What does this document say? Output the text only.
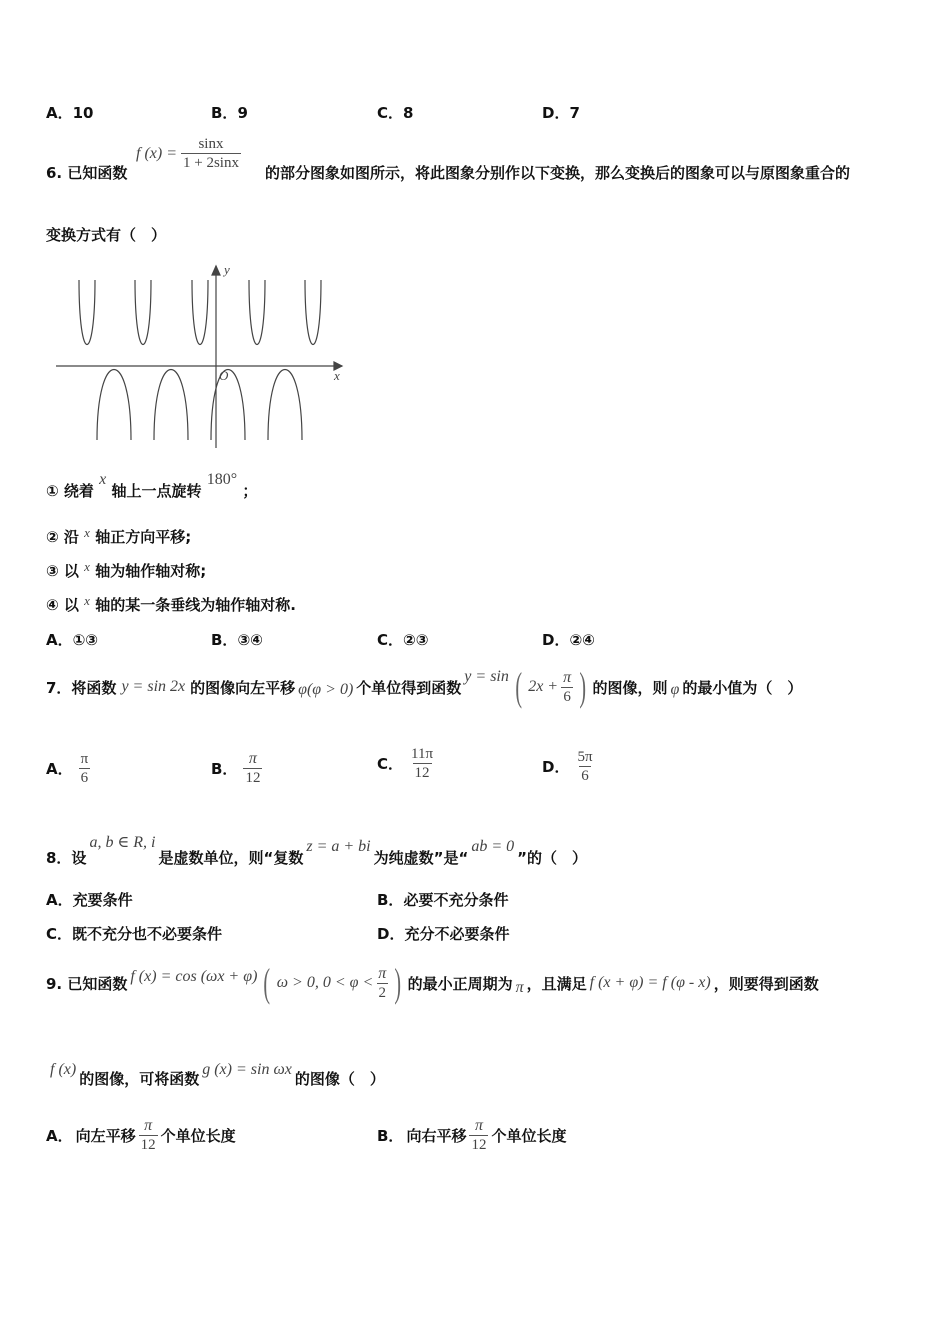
A．10	B．9	C．8	D．7
6. 已知函数
f $(x) = \frac{\sin x}{1 + 2\sin x}$
的部分图象如图所示，将此图象分别作以下变换，那么变换后的图象可以与原图象重合的
变换方式有（　）
y
x
O
① 绕着 x 轴上一点旋转 180° ；
② 沿 x 轴正方向平移;
③ 以 x 轴为轴作轴对称;
④ 以 x 轴的某一条垂线为轴作轴对称.
A．①③	B．③④	C．②③	D．②④
7．将函数 y = sin 2x 的图像向左平移 φ(φ > 0) 个单位得到函数
y = sin ( $2x + \frac{\pi}{6}$ ) 的图像，则 φ 的最小值为（　）
A． $\frac{\pi}{6}$	B． $\frac{\pi}{12}$	C． $\frac{11\pi}{12}$	D． $\frac{5\pi}{6}$
8．设
a, b ∈ R, i
是虚数单位，则“复数
z = a + bi
为纯虚数”是“
ab = 0
”的（　）
A．充要条件	B．必要不充分条件
C．既不充分也不必要条件	D．充分不必要条件
9. 已知函数 f (x) = cos (ωx + φ) ( ω > 0, $0 < \varphi < \frac{\pi}{2}$ ) 的最小正周期为 π ，且满足 f (x + φ) = f (φ - x) ，则要得到函数
f (x)
的图像，可将函数
g (x) = sin ωx
的图像（　）
A． 向左平移 $\frac{\pi}{12}$ 个单位长度	B． 向右平移 $\frac{\pi}{12}$ 个单位长度
